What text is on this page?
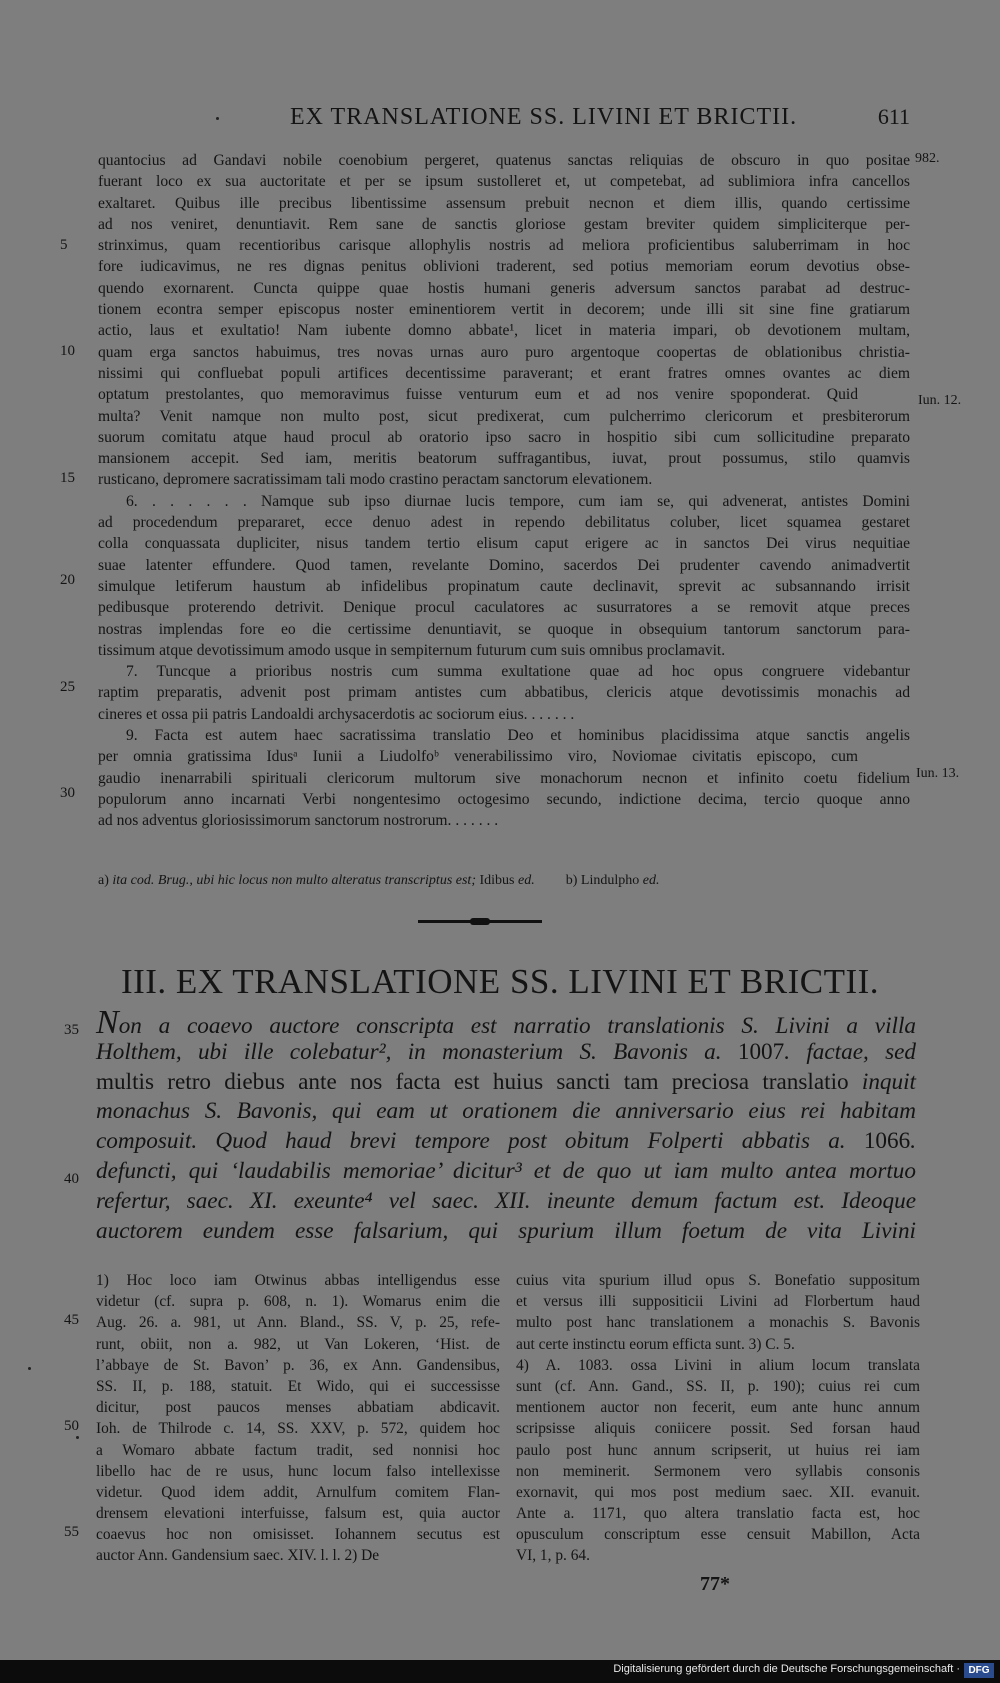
EX TRANSLATIONE SS. LIVINI ET BRICTII.	611
quantocius ad Gandavi nobile coenobium pergeret, quatenus sanctas reliquias de obscuro in quo positae
fuerant loco ex sua auctoritate et per se ipsum sustolleret et, ut competebat, ad sublimiora infra cancellos
exaltaret. Quibus ille precibus libentissime assensum prebuit necnon et diem illis, quando certissime
ad nos veniret, denuntiavit. Rem sane de sanctis gloriose gestam breviter quidem simpliciterque per-
strinximus, quam recentioribus carisque allophylis nostris ad meliora proficientibus saluberrimam in hoc
fore iudicavimus, ne res dignas penitus oblivioni traderent, sed potius memoriam eorum devotius obse-
quendo exornarent. Cuncta quippe quae hostis humani generis adversum sanctos parabat ad destruc-
tionem econtra semper episcopus noster eminentiorem vertit in decorem; unde illi sit sine fine gratiarum
actio, laus et exultatio! Nam iubente domno abbate¹, licet in materia impari, ob devotionem multam,
quam erga sanctos habuimus, tres novas urnas auro puro argentoque coopertas de oblationibus christia-
nissimi qui confluebat populi artifices decentissime paraverant; et erant fratres omnes ovantes ac diem
optatum prestolantes, quo memoravimus fuisse venturum eum et ad nos venire spoponderat. Quid
multa? Venit namque non multo post, sicut predixerat, cum pulcherrimo clericorum et presbiterorum
suorum comitatu atque haud procul ab oratorio ipso sacro in hospitio sibi cum sollicitudine preparato
mansionem accepit. Sed iam, meritis beatorum suffragantibus, iuvat, prout possumus, stilo quamvis
rusticano, depromere sacratissimam tali modo crastino peractam sanctorum elevationem.
6. . . . . . . Namque sub ipso diurnae lucis tempore, cum iam se, qui advenerat, antistes Domini
ad procedendum prepararet, ecce denuo adest in rependo debilitatus coluber, licet squamea gestaret
colla conquassata dupliciter, nisus tandem tertio elisum caput erigere ac in sanctos Dei virus nequitiae
suae latenter effundere. Quod tamen, revelante Domino, sacerdos Dei prudenter cavendo animadvertit
simulque letiferum haustum ab infidelibus propinatum caute declinavit, sprevit ac subsannando irrisit
pedibusque proterendo detrivit. Denique procul caculatores ac susurratores a se removit atque preces
nostras implendas fore eo die certissime denuntiavit, se quoque in obsequium tantorum sanctorum para-
tissimum atque devotissimum amodo usque in sempiternum futurum cum suis omnibus proclamavit.
7. Tuncque a prioribus nostris cum summa exultatione quae ad hoc opus congruere videbantur
raptim preparatis, advenit post primam antistes cum abbatibus, clericis atque devotissimis monachis ad
cineres et ossa pii patris Landoaldi archysacerdotis ac sociorum eius. . . . . . .
9. Facta est autem haec sacratissima translatio Deo et hominibus placidissima atque sanctis angelis
per omnia gratissima Idusᵃ Iunii a Liudolfoᵇ venerabilissimo viro, Noviomae civitatis episcopo, cum
gaudio inenarrabili spirituali clericorum multorum sive monachorum necnon et infinito coetu fidelium
populorum anno incarnati Verbi nongentesimo octogesimo secundo, indictione decima, tercio quoque anno
ad nos adventus gloriosissimorum sanctorum nostrorum. . . . . . .
5
10
15
20
25
30
982.
Iun. 12.
Iun. 13.
a) ita cod. Brug., ubi hic locus non multo alteratus transcriptus est; Idibus ed. b) Lindulpho ed.
III. EX TRANSLATIONE SS. LIVINI ET BRICTII.
Non a coaevo auctore conscripta est narratio translationis S. Livini a villa
Holthem, ubi ille colebatur², in monasterium S. Bavonis a. 1007. factae, sed
multis retro diebus ante nos facta est huius sancti tam preciosa translatio inquit
monachus S. Bavonis, qui eam ut orationem die anniversario eius rei habitam
composuit. Quod haud brevi tempore post obitum Folperti abbatis a. 1066.
defuncti, qui ‘laudabilis memoriae’ dicitur³ et de quo ut iam multo antea mortuo
refertur, saec. XI. exeunte⁴ vel saec. XII. ineunte demum factum est. Ideoque
auctorem eundem esse falsarium, qui spurium illum foetum de vita Livini
35
40
1) Hoc loco iam Otwinus abbas intelligendus esse
videtur (cf. supra p. 608, n. 1). Womarus enim die
Aug. 26. a. 981, ut Ann. Bland., SS. V, p. 25, refe-
runt, obiit, non a. 982, ut Van Lokeren, ‘Hist. de
l’abbaye de St. Bavon’ p. 36, ex Ann. Gandensibus,
SS. II, p. 188, statuit. Et Wido, qui ei successisse
dicitur, post paucos menses abbatiam abdicavit.
Ioh. de Thilrode c. 14, SS. XXV, p. 572, quidem hoc
a Womaro abbate factum tradit, sed nonnisi hoc
libello hac de re usus, hunc locum falso intellexisse
videtur. Quod idem addit, Arnulfum comitem Flan-
drensem elevationi interfuisse, falsum est, quia auctor
coaevus hoc non omisisset. Iohannem secutus est
auctor Ann. Gandensium saec. XIV. l. l. 2) De
cuius vita spurium illud opus S. Bonefatio suppositum
et versus illi suppositicii Livini ad Florbertum haud
multo post hanc translationem a monachis S. Bavonis
aut certe instinctu eorum efficta sunt. 3) C. 5.
4) A. 1083. ossa Livini in alium locum translata
sunt (cf. Ann. Gand., SS. II, p. 190); cuius rei cum
mentionem auctor non fecerit, eum ante hunc annum
scripsisse aliquis coniicere possit. Sed forsan haud
paulo post hunc annum scripserit, ut huius rei iam
non meminerit. Sermonem vero syllabis consonis
exornavit, qui mos post medium saec. XII. evanuit.
Ante a. 1171, quo altera translatio facta est, hoc
opusculum conscriptum esse censuit Mabillon, Acta
VI, 1, p. 64.
45
50
55
77*
Digitalisierung gefördert durch die Deutsche Forschungsgemeinschaft · DFG
